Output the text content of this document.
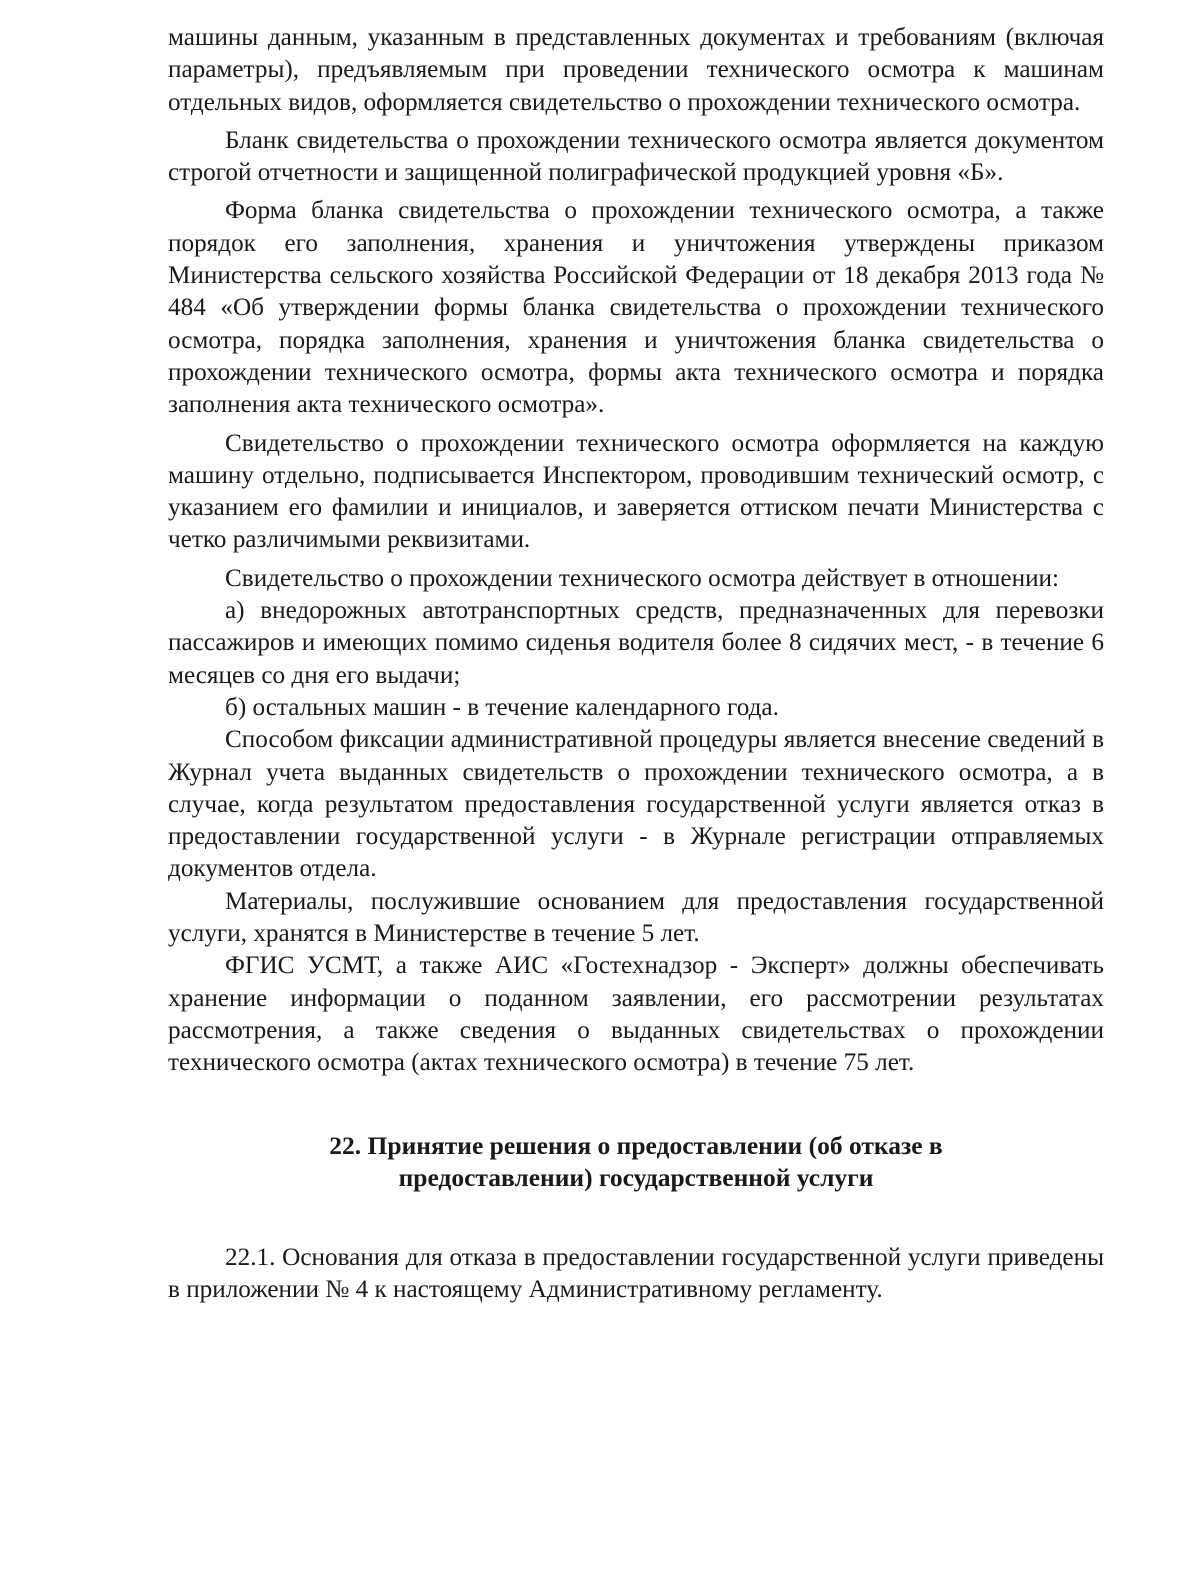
машины данным, указанным в представленных документах и требованиям (включая параметры), предъявляемым при проведении технического осмотра к машинам отдельных видов, оформляется свидетельство о прохождении технического осмотра.

Бланк свидетельства о прохождении технического осмотра является документом строгой отчетности и защищенной полиграфической продукцией уровня «Б».

Форма бланка свидетельства о прохождении технического осмотра, а также порядок его заполнения, хранения и уничтожения утверждены приказом Министерства сельского хозяйства Российской Федерации от 18 декабря 2013 года № 484 «Об утверждении формы бланка свидетельства о прохождении технического осмотра, порядка заполнения, хранения и уничтожения бланка свидетельства о прохождении технического осмотра, формы акта технического осмотра и порядка заполнения акта технического осмотра».

Свидетельство о прохождении технического осмотра оформляется на каждую машину отдельно, подписывается Инспектором, проводившим технический осмотр, с указанием его фамилии и инициалов, и заверяется оттиском печати Министерства с четко различимыми реквизитами.

Свидетельство о прохождении технического осмотра действует в отношении:

а) внедорожных автотранспортных средств, предназначенных для перевозки пассажиров и имеющих помимо сиденья водителя более 8 сидячих мест, - в течение 6 месяцев со дня его выдачи;

б) остальных машин - в течение календарного года.

Способом фиксации административной процедуры является внесение сведений в Журнал учета выданных свидетельств о прохождении технического осмотра, а в случае, когда результатом предоставления государственной услуги является отказ в предоставлении государственной услуги - в Журнале регистрации отправляемых документов отдела.

Материалы, послужившие основанием для предоставления государственной услуги, хранятся в Министерстве в течение 5 лет.

ФГИС УСМТ, а также АИС «Гостехнадзор - Эксперт» должны обеспечивать хранение информации о поданном заявлении, его рассмотрении результатах рассмотрения, а также сведения о выданных свидетельствах о прохождении технического осмотра (актах технического осмотра) в течение 75 лет.

22. Принятие решения о предоставлении (об отказе в
предоставлении) государственной услуги

22.1. Основания для отказа в предоставлении государственной услуги приведены в приложении № 4 к настоящему Административному регламенту.
